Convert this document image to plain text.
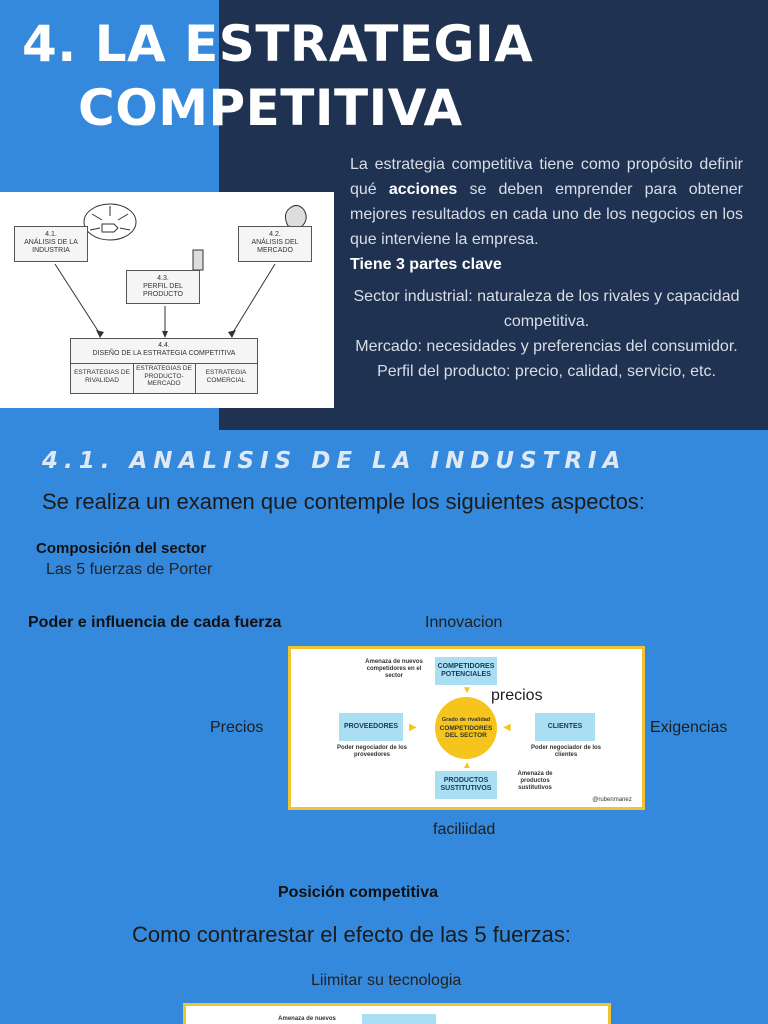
4. LA ESTRATEGIA
COMPETITIVA
La estrategia competitiva tiene como propósito definir qué acciones se deben emprender para obtener mejores resultados en cada uno de los negocios en los que interviene la empresa.
Tiene 3 partes clave
Sector industrial: naturaleza de los rivales y capacidad competitiva.
Mercado: necesidades y preferencias del consumidor.
Perfil del producto: precio, calidad, servicio, etc.
4.1.
ANÁLISIS DE LA INDUSTRIA
4.2.
ANÁLISIS DEL MERCADO
4.3.
PERFIL DEL PRODUCTO
4.4.
DISEÑO DE LA ESTRATEGIA COMPETITIVA
ESTRATEGIAS DE RIVALIDAD
ESTRATEGIAS DE PRODUCTO-MERCADO
ESTRATEGIA COMERCIAL
4.1. ANALISIS DE LA INDUSTRIA
Se realiza un examen que contemple los siguientes aspectos:
Composición del sector
Las 5 fuerzas de Porter
Poder e influencia de cada fuerza	Innovacion
Precios	Exigencias
faciliidad
Amenaza de nuevos competidores en el sector
COMPETIDORES POTENCIALES
▼ precios
PROVEEDORES	▶
Poder negociador de los proveedores
Grado de rivalidad
COMPETIDORES DEL SECTOR
◀	CLIENTES
Poder negociador de los clientes
▲
PRODUCTOS SUSTITUTIVOS
Amenaza de productos sustitutivos
@rubenmanez
Posición competitiva
Como contrarestar el efecto de las 5 fuerzas:
Liimitar su tecnologia
Amenaza de nuevos
